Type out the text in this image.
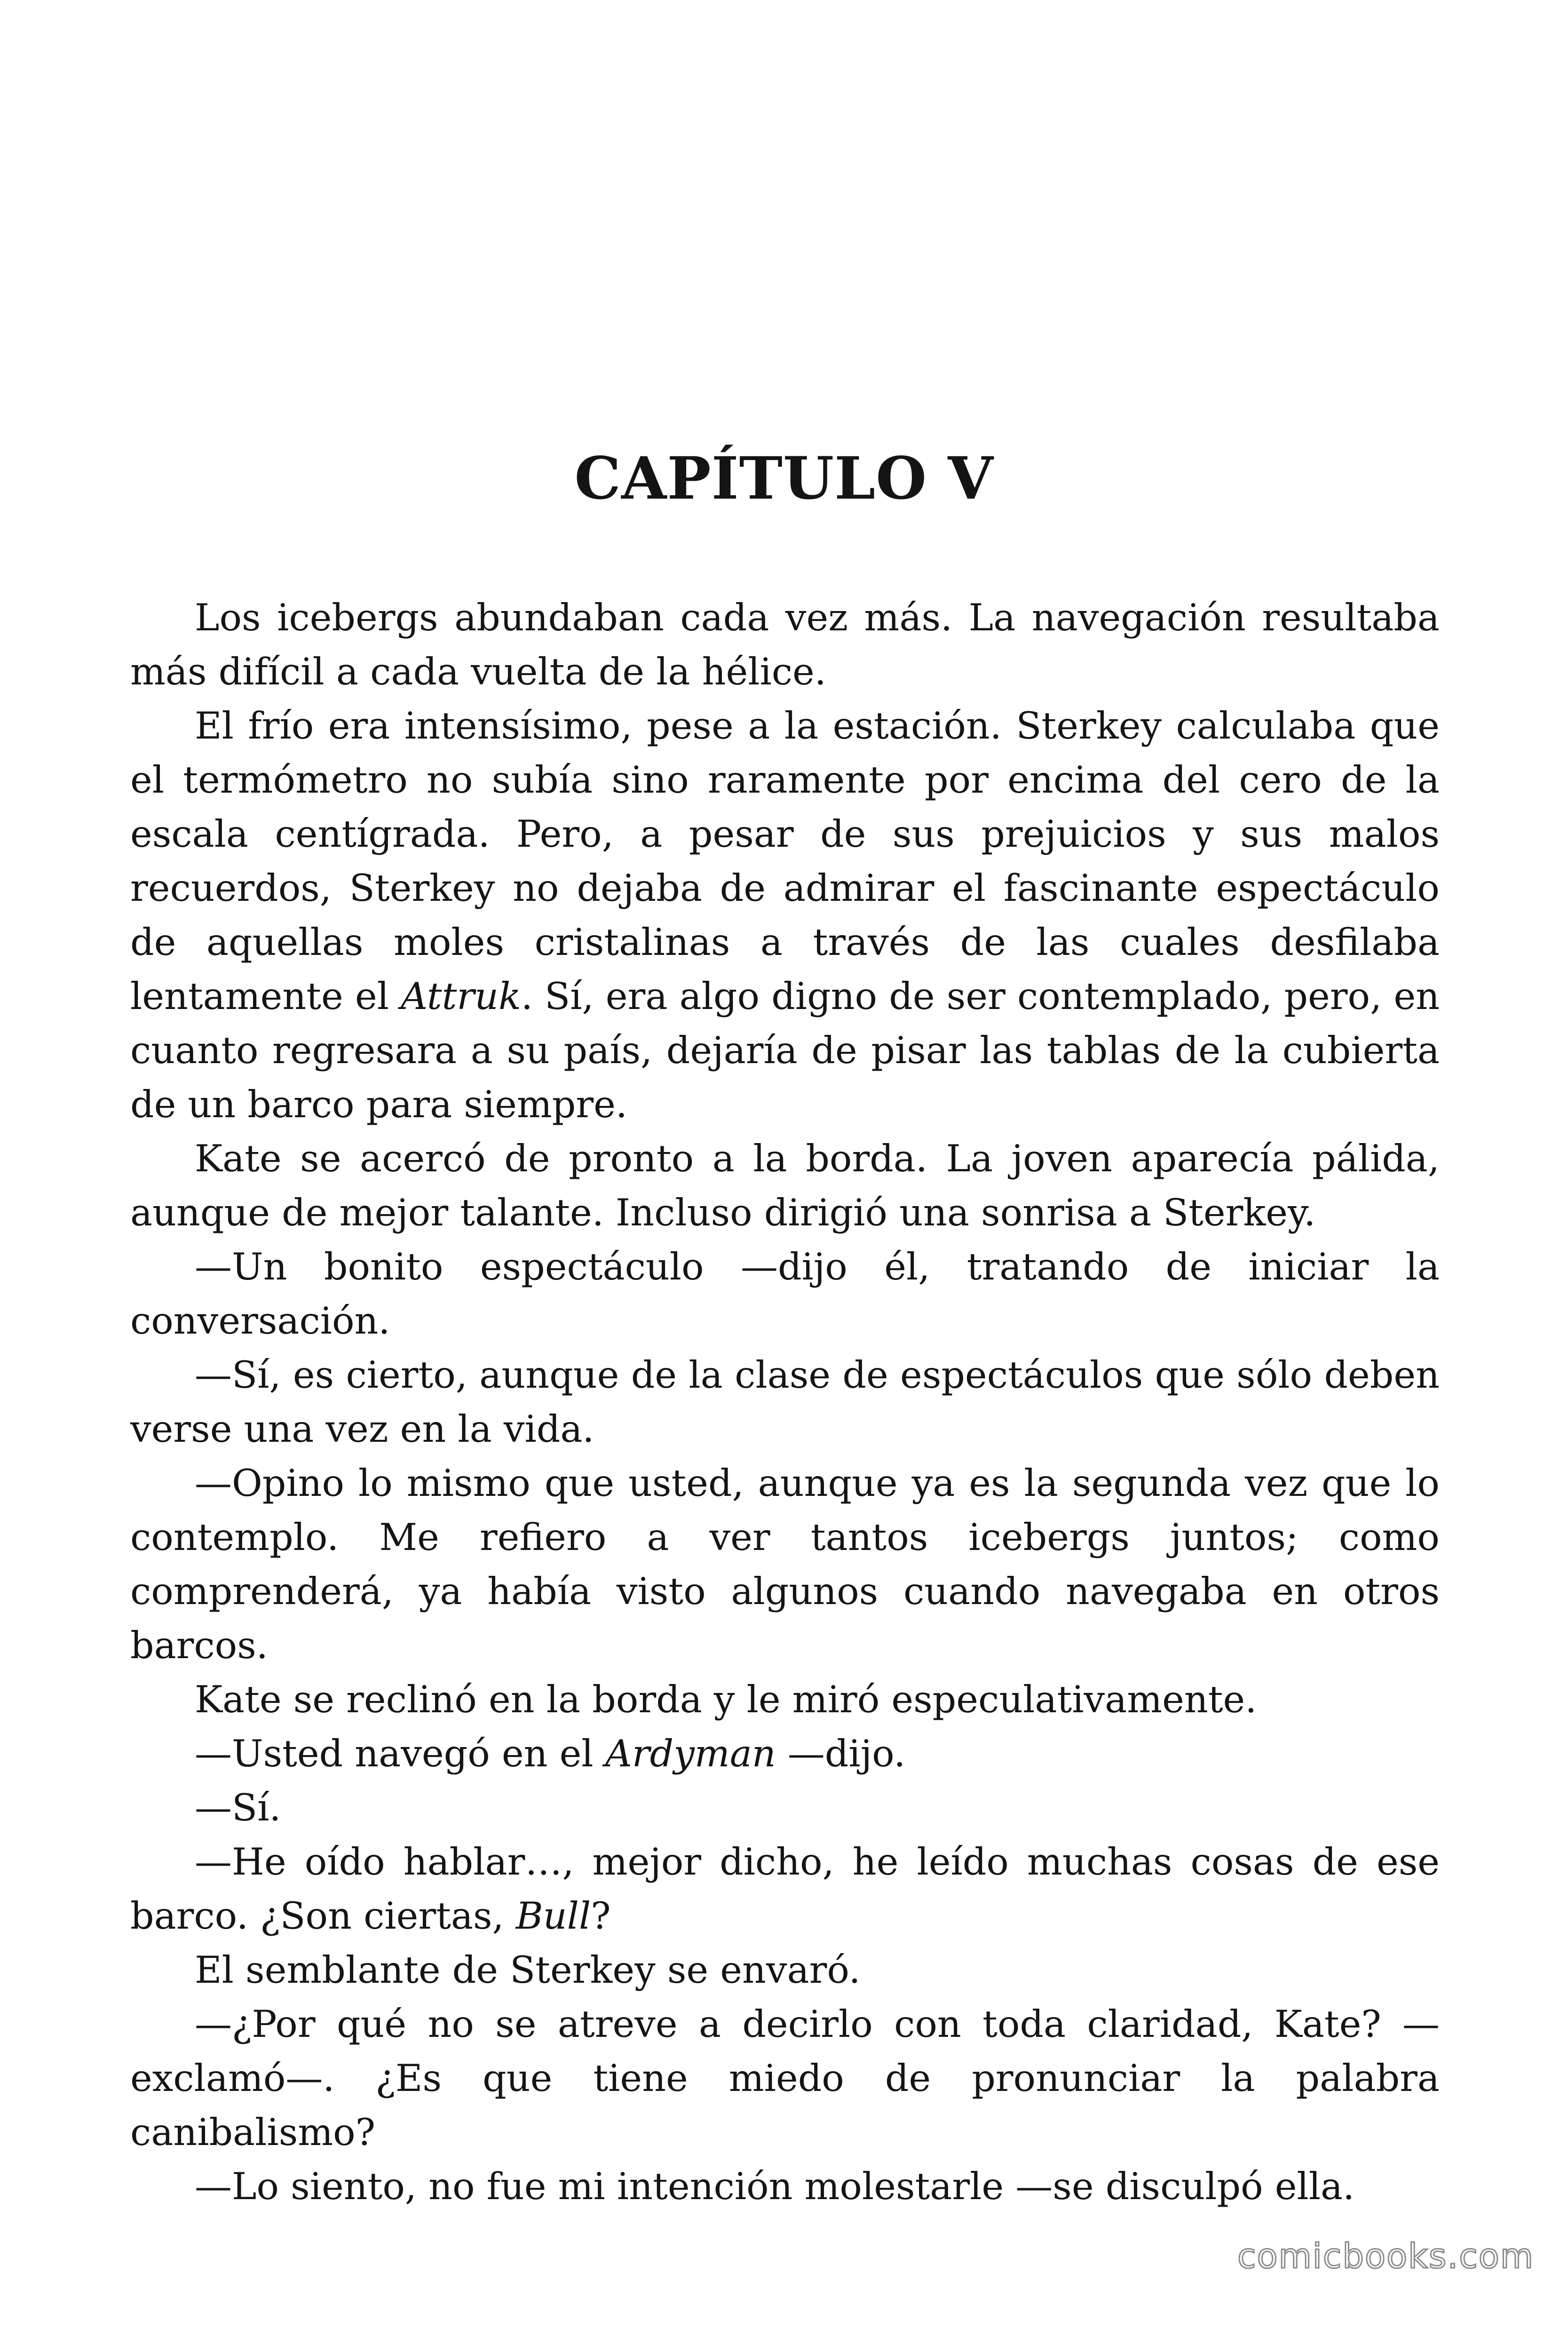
CAPÍTULO V

Los icebergs abundaban cada vez más. La navegación resultaba más difícil a cada vuelta de la hélice.

El frío era intensísimo, pese a la estación. Sterkey calculaba que el termómetro no subía sino raramente por encima del cero de la escala centígrada. Pero, a pesar de sus prejuicios y sus malos recuerdos, Sterkey no dejaba de admirar el fascinante espectáculo de aquellas moles cristalinas a través de las cuales desfilaba lentamente el Attruk. Sí, era algo digno de ser contemplado, pero, en cuanto regresara a su país, dejaría de pisar las tablas de la cubierta de un barco para siempre.

Kate se acercó de pronto a la borda. La joven aparecía pálida, aunque de mejor talante. Incluso dirigió una sonrisa a Sterkey.

—Un bonito espectáculo —dijo él, tratando de iniciar la conversación.

—Sí, es cierto, aunque de la clase de espectáculos que sólo deben verse una vez en la vida.

—Opino lo mismo que usted, aunque ya es la segunda vez que lo contemplo. Me refiero a ver tantos icebergs juntos; como comprenderá, ya había visto algunos cuando navegaba en otros barcos.

Kate se reclinó en la borda y le miró especulativamente.

—Usted navegó en el Ardyman —dijo.

—Sí.

—He oído hablar…, mejor dicho, he leído muchas cosas de ese barco. ¿Son ciertas, Bull?

El semblante de Sterkey se envaró.

—¿Por qué no se atreve a decirlo con toda claridad, Kate? —exclamó—. ¿Es que tiene miedo de pronunciar la palabra canibalismo?

—Lo siento, no fue mi intención molestarle —se disculpó ella.

comicbooks.com
